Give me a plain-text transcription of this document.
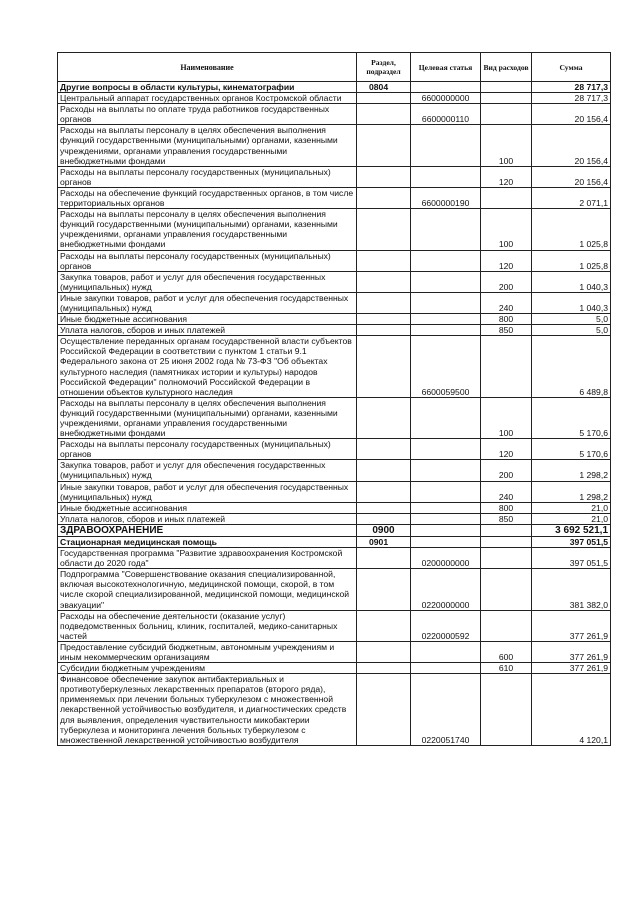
Наименование	Раздел, подраздел	Целевая статья	Вид расходов	Сумма
Другие вопросы в области культуры, кинематографии	0804			28 717,3
Центральный аппарат государственных органов Костромской области		6600000000		28 717,3
Расходы на выплаты по оплате труда работников государственных органов		6600000110		20 156,4
Расходы на выплаты персоналу в целях обеспечения выполнения функций государственными (муниципальными) органами, казенными учреждениями, органами управления государственными внебюджетными фондами			100	20 156,4
Расходы на выплаты персоналу государственных (муниципальных) органов			120	20 156,4
Расходы на обеспечение функций государственных органов, в том числе территориальных органов		6600000190		2 071,1
Расходы на выплаты персоналу в целях обеспечения выполнения функций государственными (муниципальными) органами, казенными учреждениями, органами управления государственными внебюджетными фондами			100	1 025,8
Расходы на выплаты персоналу государственных (муниципальных) органов			120	1 025,8
Закупка товаров, работ и услуг для обеспечения государственных (муниципальных) нужд			200	1 040,3
Иные закупки товаров, работ и услуг для обеспечения государственных (муниципальных) нужд			240	1 040,3
Иные бюджетные ассигнования			800	5,0
Уплата налогов, сборов и иных платежей			850	5,0
Осуществление переданных органам государственной власти субъектов Российской Федерации в соответствии с пунктом 1 статьи 9.1 Федерального закона от 25 июня 2002 года № 73-ФЗ "Об объектах культурного наследия (памятниках истории и культуры) народов Российской Федерации" полномочий Российской Федерации в отношении объектов культурного наследия		6600059500		6 489,8
Расходы на выплаты персоналу в целях обеспечения выполнения функций государственными (муниципальными) органами, казенными учреждениями, органами управления государственными внебюджетными фондами			100	5 170,6
Расходы на выплаты персоналу государственных (муниципальных) органов			120	5 170,6
Закупка товаров, работ и услуг для обеспечения государственных (муниципальных) нужд			200	1 298,2
Иные закупки товаров, работ и услуг для обеспечения государственных (муниципальных) нужд			240	1 298,2
Иные бюджетные ассигнования			800	21,0
Уплата налогов, сборов и иных платежей			850	21,0
ЗДРАВООХРАНЕНИЕ	0900			3 692 521,1
Стационарная медицинская помощь	0901			397 051,5
Государственная программа "Развитие здравоохранения Костромской области до 2020 года"		0200000000		397 051,5
Подпрограмма "Совершенствование оказания специализированной, включая высокотехнологичную, медицинской помощи, скорой, в том числе скорой специализированной, медицинской помощи, медицинской эвакуации"		0220000000		381 382,0
Расходы на обеспечение деятельности (оказание услуг) подведомственных больниц, клиник, госпиталей, медико-санитарных частей		0220000592		377 261,9
Предоставление субсидий бюджетным, автономным учреждениям и иным некоммерческим организациям			600	377 261,9
Субсидии бюджетным учреждениям			610	377 261,9
Финансовое обеспечение закупок антибактериальных и противотуберкулезных лекарственных препаратов (второго ряда), применяемых при лечении больных туберкулезом с множественной лекарственной устойчивостью возбудителя, и диагностических средств для выявления, определения чувствительности микобактерии туберкулеза и мониторинга лечения больных туберкулезом с множественной лекарственной устойчивостью возбудителя		0220051740		4 120,1
